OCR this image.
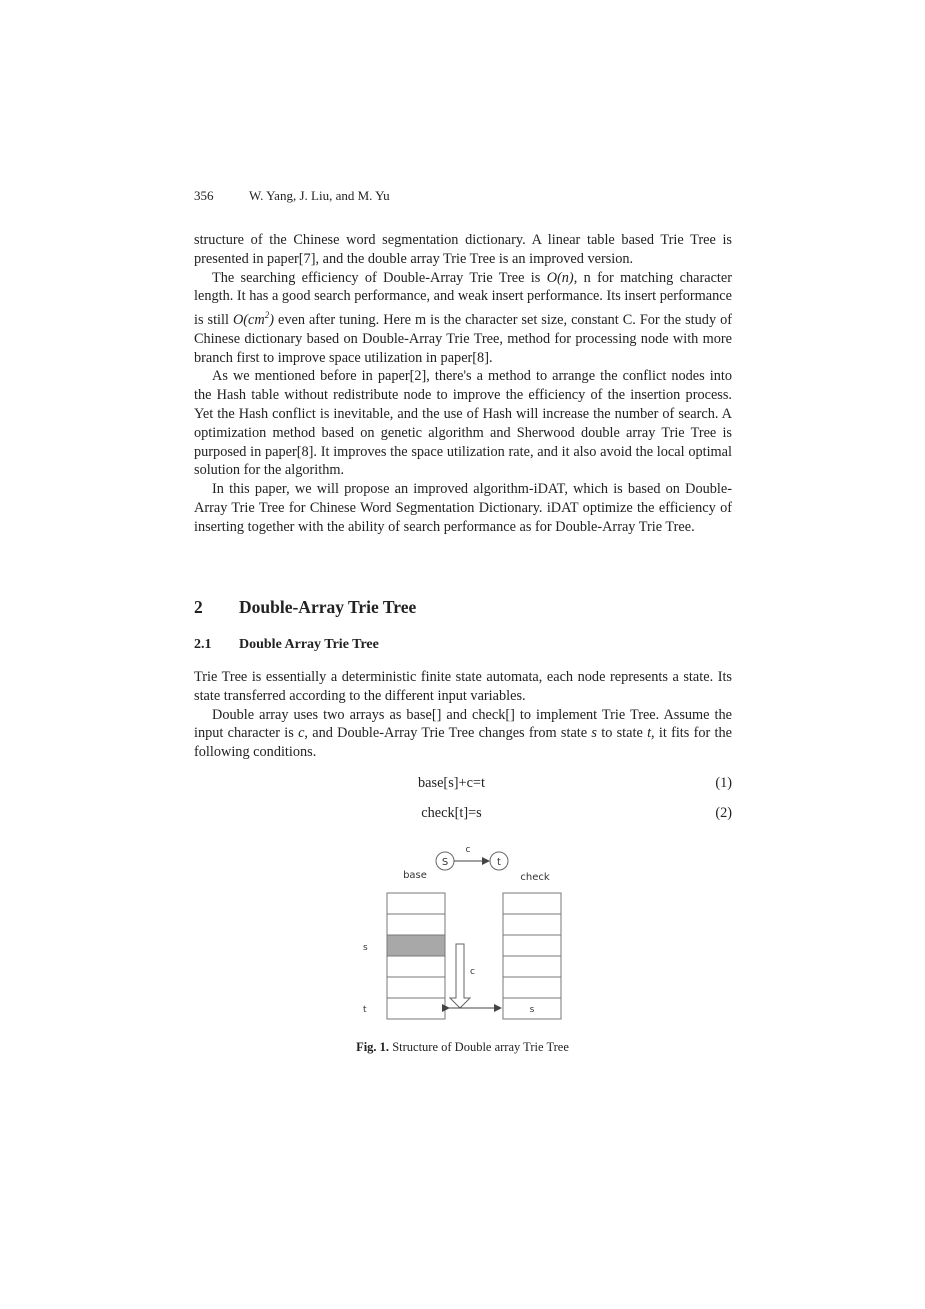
356	W. Yang, J. Liu, and M. Yu

structure of the Chinese word segmentation dictionary. A linear table based Trie Tree is presented in paper[7], and the double array Trie Tree is an improved version.

The searching efficiency of Double-Array Trie Tree is O(n), n for matching character length. It has a good search performance, and weak insert performance. Its insert performance is still $O(cm^2)$ even after tuning. Here m is the character set size, constant C. For the study of Chinese dictionary based on Double-Array Trie Tree, method for processing node with more branch first to improve space utilization in paper[8].

As we mentioned before in paper[2], there's a method to arrange the conflict nodes into the Hash table without redistribute node to improve the efficiency of the insertion process. Yet the Hash conflict is inevitable, and the use of Hash will increase the number of search. A optimization method based on genetic algorithm and Sherwood double array Trie Tree is purposed in paper[8]. It improves the space utilization rate, and it also avoid the local optimal solution for the algorithm.

In this paper, we will propose an improved algorithm-iDAT, which is based on Double-Array Trie Tree for Chinese Word Segmentation Dictionary. iDAT optimize the efficiency of inserting together with the ability of search performance as for Double-Array Trie Tree.

2 Double-Array Trie Tree
2.1 Double Array Trie Tree

Trie Tree is essentially a deterministic finite state automata, each node represents a state. Its state transferred according to the different input variables.

Double array uses two arrays as base[] and check[] to implement Trie Tree. Assume the input character is c, and Double-Array Trie Tree changes from state s to state t, it fits for the following conditions.

base[s]+c=t	(1)
check[t]=s	(2)
S
c
t
base	check
s
t	s
c
Fig. 1. Structure of Double array Trie Tree
